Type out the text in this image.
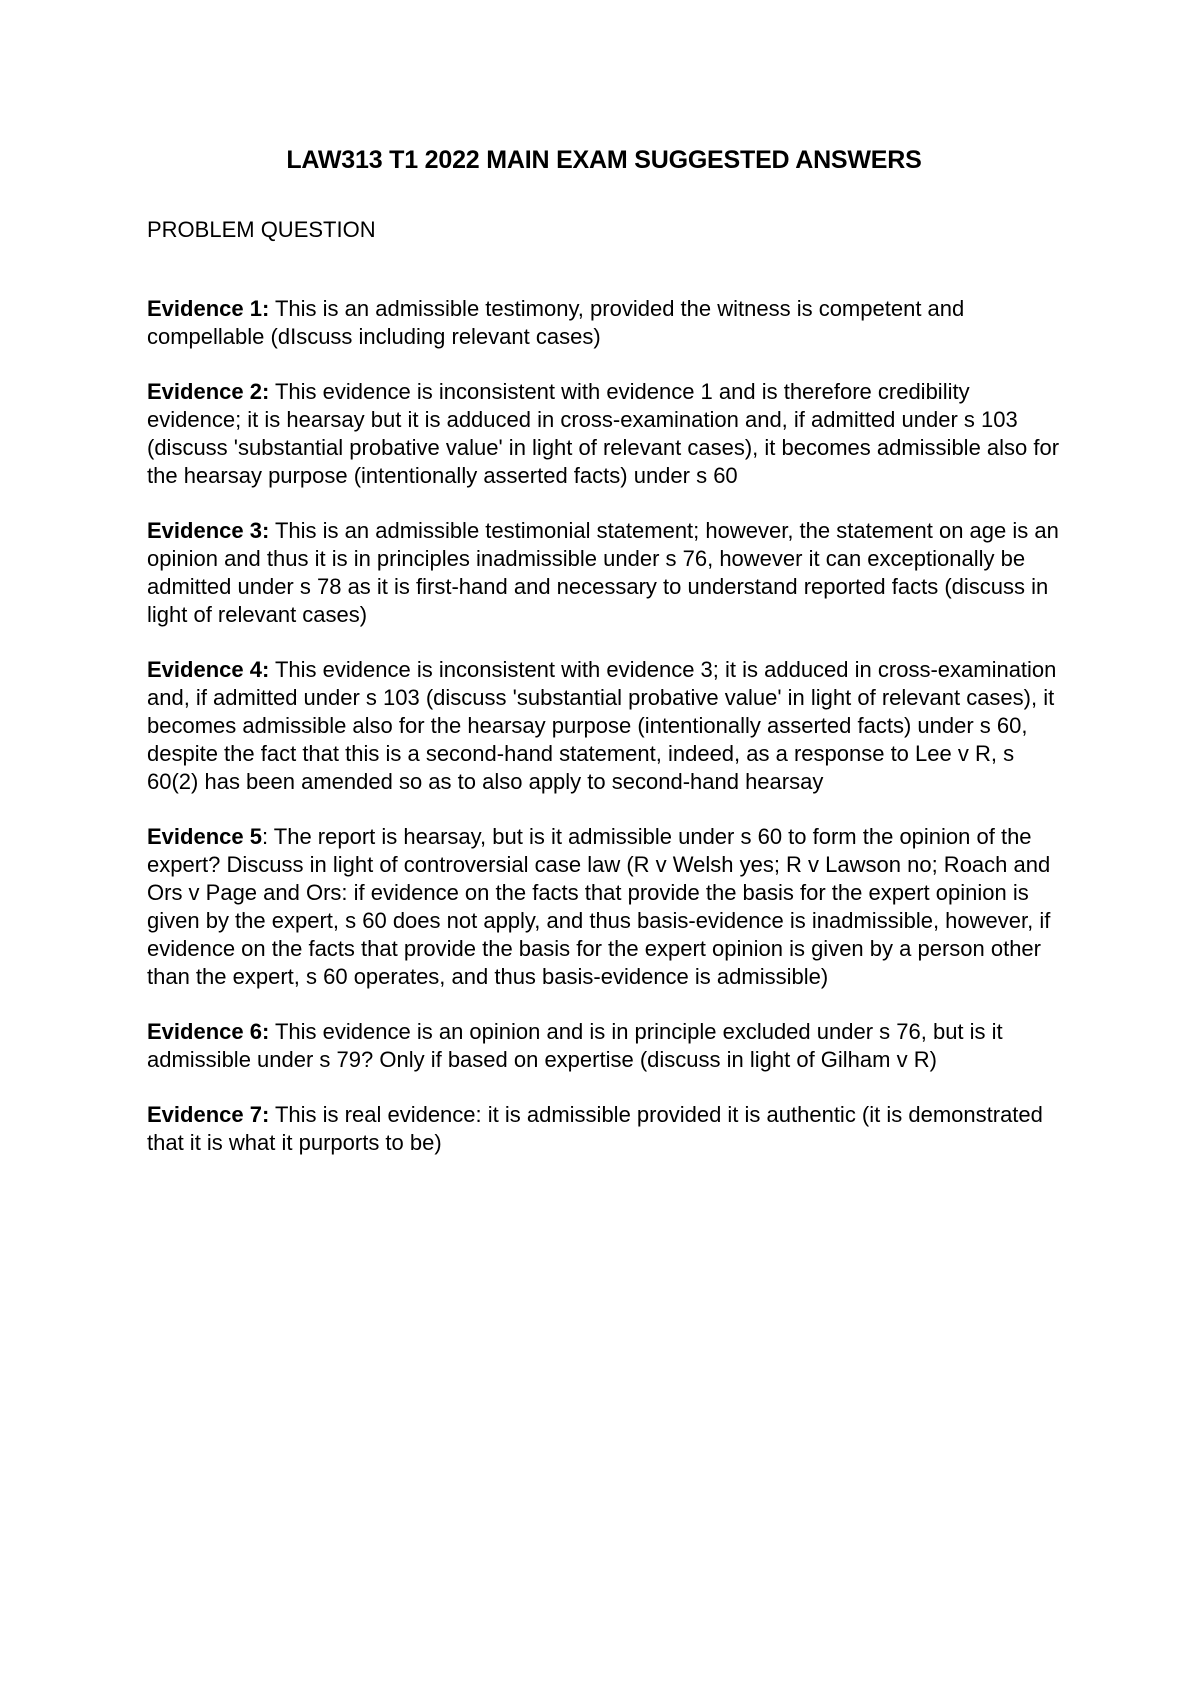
LAW313 T1 2022 MAIN EXAM SUGGESTED ANSWERS
PROBLEM QUESTION

Evidence 1: This is an admissible testimony, provided the witness is competent and compellable (dIscuss including relevant cases)

Evidence 2: This evidence is inconsistent with evidence 1 and is therefore credibility evidence; it is hearsay but it is adduced in cross-examination and, if admitted under s 103 (discuss 'substantial probative value' in light of relevant cases), it becomes admissible also for the hearsay purpose (intentionally asserted facts) under s 60

Evidence 3: This is an admissible testimonial statement; however, the statement on age is an opinion and thus it is in principles inadmissible under s 76, however it can exceptionally be admitted under s 78 as it is first-hand and necessary to understand reported facts (discuss in light of relevant cases)

Evidence 4: This evidence is inconsistent with evidence 3; it is adduced in cross-examination and, if admitted under s 103 (discuss 'substantial probative value' in light of relevant cases), it becomes admissible also for the hearsay purpose (intentionally asserted facts) under s 60, despite the fact that this is a second-hand statement, indeed, as a response to Lee v R, s 60(2) has been amended so as to also apply to second-hand hearsay

Evidence 5: The report is hearsay, but is it admissible under s 60 to form the opinion of the expert? Discuss in light of controversial case law (R v Welsh yes; R v Lawson no; Roach and Ors v Page and Ors: if evidence on the facts that provide the basis for the expert opinion is given by the expert, s 60 does not apply, and thus basis-evidence is inadmissible, however, if evidence on the facts that provide the basis for the expert opinion is given by a person other than the expert, s 60 operates, and thus basis-evidence is admissible)

Evidence 6: This evidence is an opinion and is in principle excluded under s 76, but is it admissible under s 79? Only if based on expertise (discuss in light of Gilham v R)

Evidence 7: This is real evidence: it is admissible provided it is authentic (it is demonstrated that it is what it purports to be)
